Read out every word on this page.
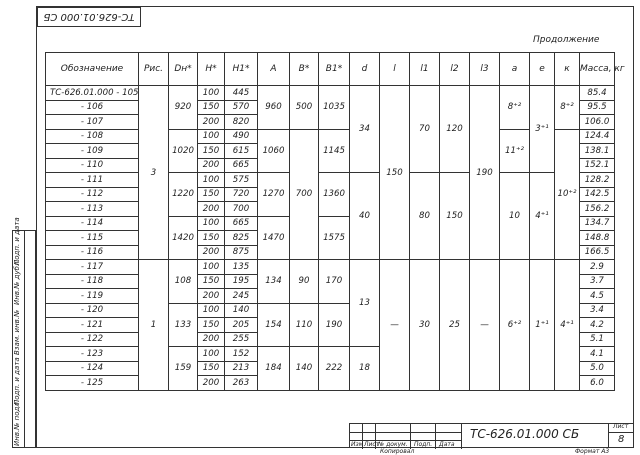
ТС-626.01.000 СБ
Продолжение
Обозначение	Рис.	Dн*	H*	H1*	A	B*	B1*	d	l	l1	l2	l3	a	e	к	Масса, кг
ТС-626.01.000 - 105	3	920	100	445	960	500	1035	34	150	70	120	190	8⁺²	3⁺¹	8⁺²	85.4
- 106			150	570												95.5
- 107			200	820												106.0
- 108		1020	100	490	1060	700	1145						11⁺²		10⁺²	124.4
- 109			150	615												138.1
- 110			200	665												152.1
- 111		1220	100	575	1270		1360	40		80	150		10	4⁺¹		128.2
- 112			150	720												142.5
- 113			200	700												156.2
- 114		1420	100	665	1470		1575									134.7
- 115			150	825												148.8
- 116			200	875												166.5
- 117	1	108	100	135	134	90	170	13	—	30	25	—	6⁺²	1⁺¹	4⁺¹	2.9
- 118			150	195												3.7
- 119			200	245												4.5
- 120		133	100	140	154	110	190									3.4
- 121			150	205												4.2
- 122			200	255												5.1
- 123		159	100	152	184	140	222	18								4.1
- 124			150	213												5.0
- 125			200	263												6.0
Инв.№ подл.
Подп. и дата
Взам. инв.№
Инв.№ дубл.
Подп. и дата
Изм Лист
№ докум. Подп. Дата
ТС-626.01.000 СБ
Лист
8
Копировал	Формат А3
